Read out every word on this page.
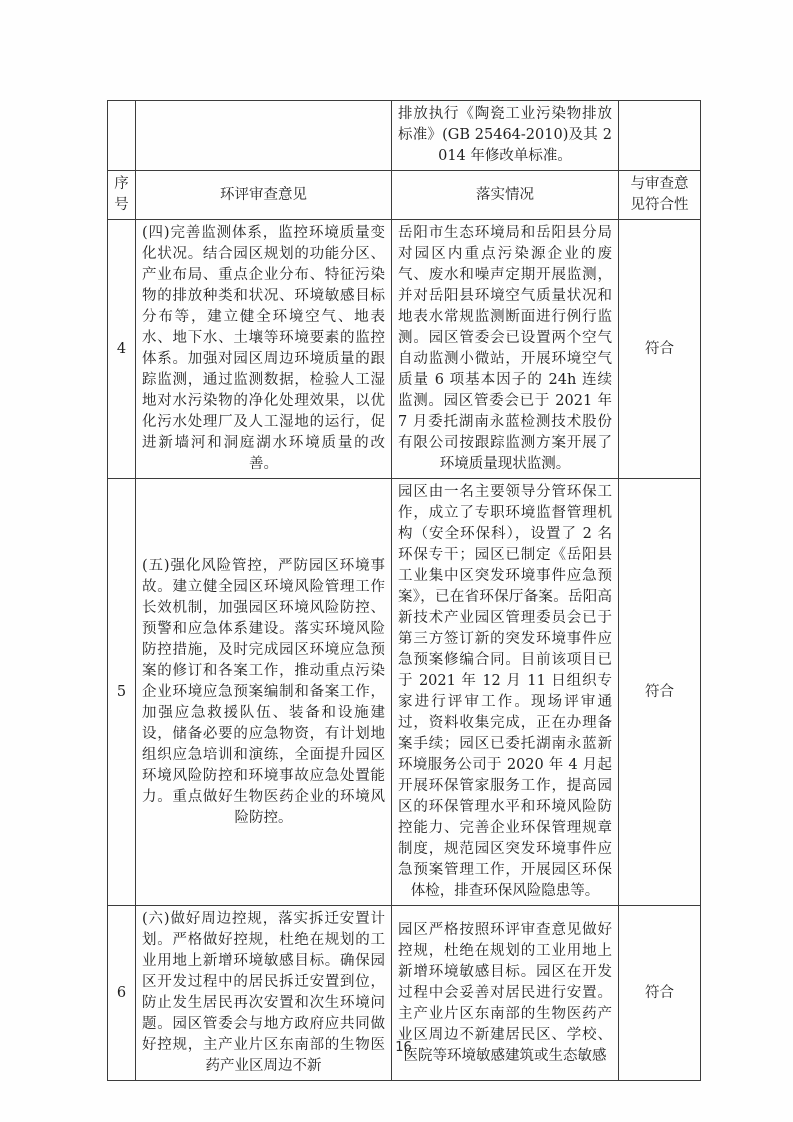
		排放执行《陶瓷工业污染物排放标准》(GB 25464-2010)及其 2014 年修改单标准。	
序号	环评审查意见	落实情况	与审查意见符合性
4	(四)完善监测体系，监控环境质量变化状况。结合园区规划的功能分区、产业布局、重点企业分布、特征污染物的排放种类和状况、环境敏感目标分布等，建立健全环境空气、地表水、地下水、土壤等环境要素的监控体系。加强对园区周边环境质量的跟踪监测，通过监测数据，检验人工湿地对水污染物的净化处理效果，以优化污水处理厂及人工湿地的运行，促进新墙河和洞庭湖水环境质量的改善。	岳阳市生态环境局和岳阳县分局对园区内重点污染源企业的废气、废水和噪声定期开展监测，并对岳阳县环境空气质量状况和地表水常规监测断面进行例行监测。园区管委会已设置两个空气自动监测小微站，开展环境空气质量 6 项基本因子的 24h 连续监测。园区管委会已于 2021 年 7 月委托湖南永蓝检测技术股份有限公司按跟踪监测方案开展了环境质量现状监测。	符合
5	(五)强化风险管控，严防园区环境事故。建立健全园区环境风险管理工作长效机制，加强园区环境风险防控、预警和应急体系建设。落实环境风险防控措施，及时完成园区环境应急预案的修订和各案工作，推动重点污染企业环境应急预案编制和备案工作，加强应急救援队伍、装备和设施建设，储备必要的应急物资，有计划地组织应急培训和演练，全面提升园区环境风险防控和环境事故应急处置能力。重点做好生物医药企业的环境风险防控。	园区由一名主要领导分管环保工作，成立了专职环境监督管理机构（安全环保科），设置了 2 名环保专干；园区已制定《岳阳县工业集中区突发环境事件应急预案》，已在省环保厅备案。岳阳高新技术产业园区管理委员会已于第三方签订新的突发环境事件应急预案修编合同。目前该项目已于 2021 年 12 月 11 日组织专家进行评审工作。现场评审通过，资料收集完成，正在办理备案手续；园区已委托湖南永蓝新环境服务公司于 2020 年 4 月起开展环保管家服务工作，提高园区的环保管理水平和环境风险防控能力、完善企业环保管理规章制度，规范园区突发环境事件应急预案管理工作，开展园区环保体检，排查环保风险隐患等。	符合
6	(六)做好周边控规，落实拆迁安置计划。严格做好控规，杜绝在规划的工业用地上新增环境敏感目标。确保园区开发过程中的居民拆迁安置到位，防止发生居民再次安置和次生环境问题。园区管委会与地方政府应共同做好控规，主产业片区东南部的生物医药产业区周边不新	园区严格按照环评审查意见做好控规，杜绝在规划的工业用地上新增环境敏感目标。园区在开发过程中会妥善对居民进行安置。主产业片区东南部的生物医药产业区周边不新建居民区、学校、医院等环境敏感建筑或生态敏感	符合
16
